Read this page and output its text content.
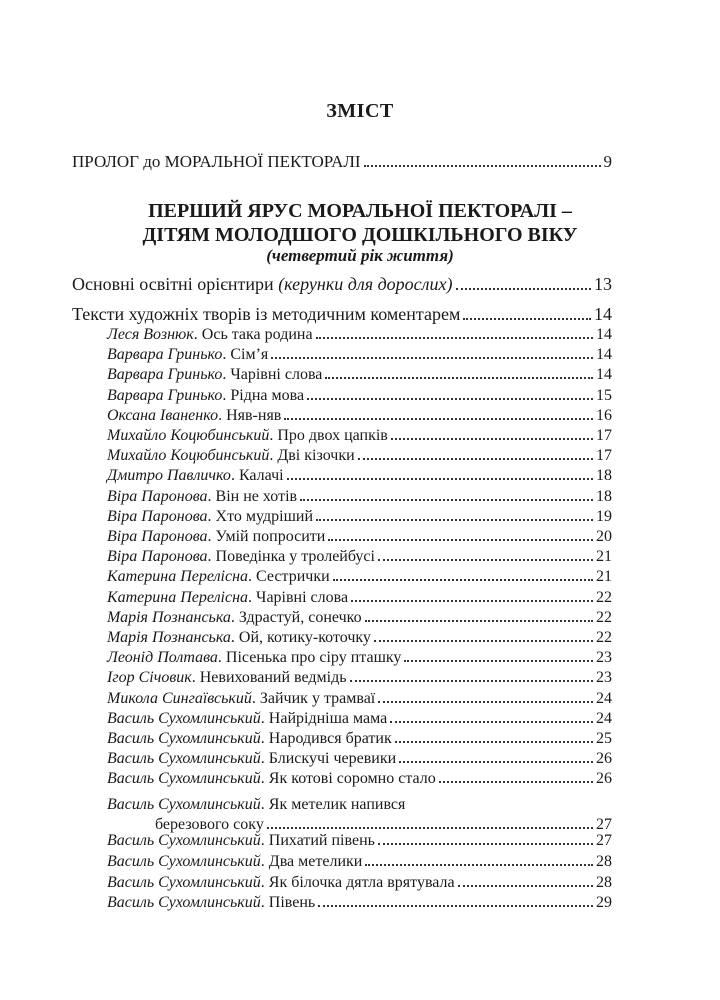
ЗМІСТ
ПРОЛОГ до МОРАЛЬНОЇ ПЕКТОРАЛІ	9
ПЕРШИЙ ЯРУС МОРАЛЬНОЇ ПЕКТОРАЛІ –
ДІТЯМ МОЛОДШОГО ДОШКІЛЬНОГО ВІКУ
(четвертий рік життя)
Основні освітні орієнтири (керунки для дорослих)	13
Тексти художніх творів із методичним коментарем	14
Леся Вознюк. Ось така родина	14
Варвара Гринько. Сім’я	14
Варвара Гринько. Чарівні слова	14
Варвара Гринько. Рідна мова	15
Оксана Іваненко. Няв-няв	16
Михайло Коцюбинський. Про двох цапків	17
Михайло Коцюбинський. Дві кізочки	17
Дмитро Павличко. Калачі	18
Віра Паронова. Він не хотів	18
Віра Паронова. Хто мудріший	19
Віра Паронова. Умій попросити	20
Віра Паронова. Поведінка у тролейбусі	21
Катерина Перелісна. Сестрички	21
Катерина Перелісна. Чарівні слова	22
Марія Познанська. Здрастуй, сонечко	22
Марія Познанська. Ой, котику-коточку	22
Леонід Полтава. Пісенька про сіру пташку	23
Ігор Січовик. Невихований ведмідь	23
Микола Сингаївський. Зайчик у трамваї	24
Василь Сухомлинський. Найрідніша мама	24
Василь Сухомлинський. Народився братик	25
Василь Сухомлинський. Блискучі черевики	26
Василь Сухомлинський. Як котові соромно стало	26
Василь Сухомлинський. Як метелик напився
березового соку	27
Василь Сухомлинський. Пихатий півень	27
Василь Сухомлинський. Два метелики	28
Василь Сухомлинський. Як білочка дятла врятувала	28
Василь Сухомлинський. Півень	29
